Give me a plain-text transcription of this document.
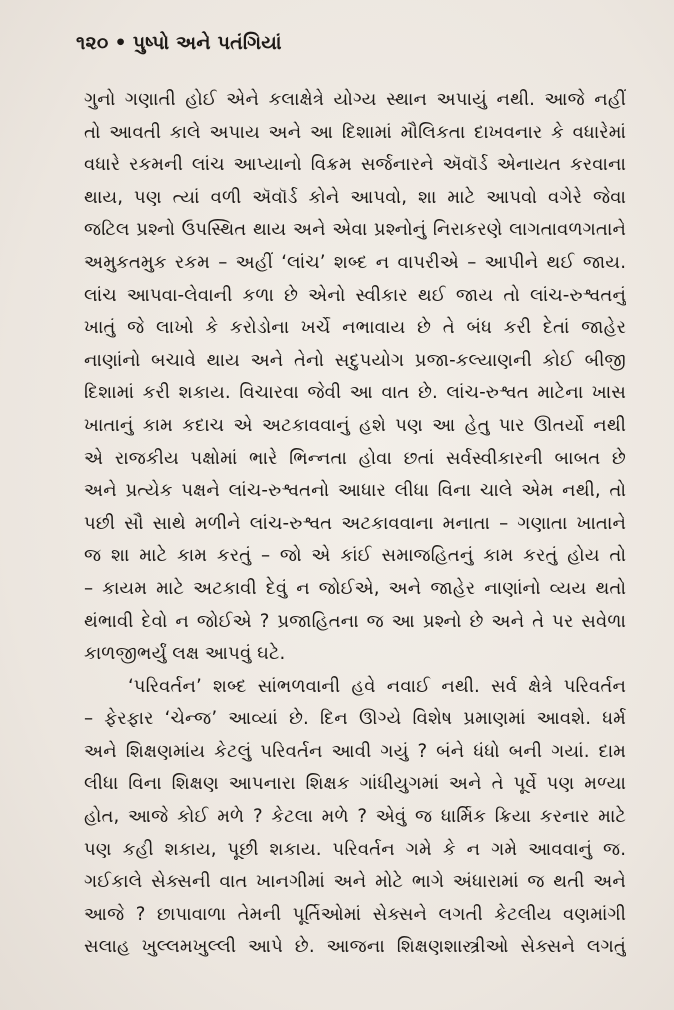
૧૨૦ • પુષ્પો અને પતંગિયાં
ગુનો ગણાતી હોઈ એને કલાક્ષેત્રે યોગ્ય સ્થાન અપાયું નથી. આજે નહીં
તો આવતી કાલે અપાય અને આ દિશામાં મૌલિકતા દાખવનાર કે વધારેમાં
વધારે રકમની લાંચ આપ્યાનો વિક્રમ સર્જનારને ઍવૉર્ડ એનાયત કરવાના
થાય, પણ ત્યાં વળી ઍવૉર્ડ કોને આપવો, શા માટે આપવો વગેરે જેવા
જટિલ પ્રશ્નો ઉપસ્થિત થાય અને એવા પ્રશ્નોનું નિરાકરણે લાગતાવળગતાને
અમુકતમુક રકમ – અહીં ‘લાંચ’ શબ્દ ન વાપરીએ – આપીને થઈ જાય.
લાંચ આપવા-લેવાની કળા છે એનો સ્વીકાર થઈ જાય તો લાંચ-રુશ્વતનું
ખાતું જે લાખો કે કરોડોના ખર્ચે નભાવાય છે તે બંધ કરી દેતાં જાહેર
નાણાંનો બચાવે થાય અને તેનો સદુપયોગ પ્રજા-કલ્યાણની કોઈ બીજી
દિશામાં કરી શકાય. વિચારવા જેવી આ વાત છે. લાંચ-રુશ્વત માટેના ખાસ
ખાતાનું કામ કદાચ એ અટકાવવાનું હશે પણ આ હેતુ પાર ઊતર્યો નથી
એ રાજકીય પક્ષોમાં ભારે ભિન્નતા હોવા છતાં સર્વસ્વીકારની બાબત છે
અને પ્રત્યેક પક્ષને લાંચ-રુશ્વતનો આધાર લીધા વિના ચાલે એમ નથી, તો
પછી સૌ સાથે મળીને લાંચ-રુશ્વત અટકાવવાના મનાતા – ગણાતા ખાતાને
જ શા માટે કામ કરતું – જો એ કાંઈ સમાજહિતનું કામ કરતું હોય તો
– કાયમ માટે અટકાવી દેવું ન જોઈએ, અને જાહેર નાણાંનો વ્યય થતો
થંભાવી દેવો ન જોઈએ ? પ્રજાહિતના જ આ પ્રશ્નો છે અને તે પર સવેળા
કાળજીભર્યું લક્ષ આપવું ઘટે.
‘પરિવર્તન’ શબ્દ સાંભળવાની હવે નવાઈ નથી. સર્વ ક્ષેત્રે પરિવર્તન
– ફેરફાર ‘ચેન્જ’ આવ્યાં છે. દિન ઊગ્યે વિશેષ પ્રમાણમાં આવશે. ધર્મ
અને શિક્ષણમાંય કેટલું પરિવર્તન આવી ગયું ? બંને ધંધો બની ગયાં. દામ
લીધા વિના શિક્ષણ આપનારા શિક્ષક ગાંધીયુગમાં અને તે પૂર્વે પણ મળ્યા
હોત, આજે કોઈ મળે ? કેટલા મળે ? એવું જ ધાર્મિક ક્રિયા કરનાર માટે
પણ કહી શકાય, પૂછી શકાય. પરિવર્તન ગમે કે ન ગમે આવવાનું જ.
ગઈકાલે સેક્સની વાત ખાનગીમાં અને મોટે ભાગે અંધારામાં જ થતી અને
આજે ? છાપાવાળા તેમની પૂર્તિઓમાં સેક્સને લગતી કેટલીય વણમાંગી
સલાહ ખુલ્લમખુલ્લી આપે છે. આજના શિક્ષણશાસ્ત્રીઓ સેક્સને લગતું
